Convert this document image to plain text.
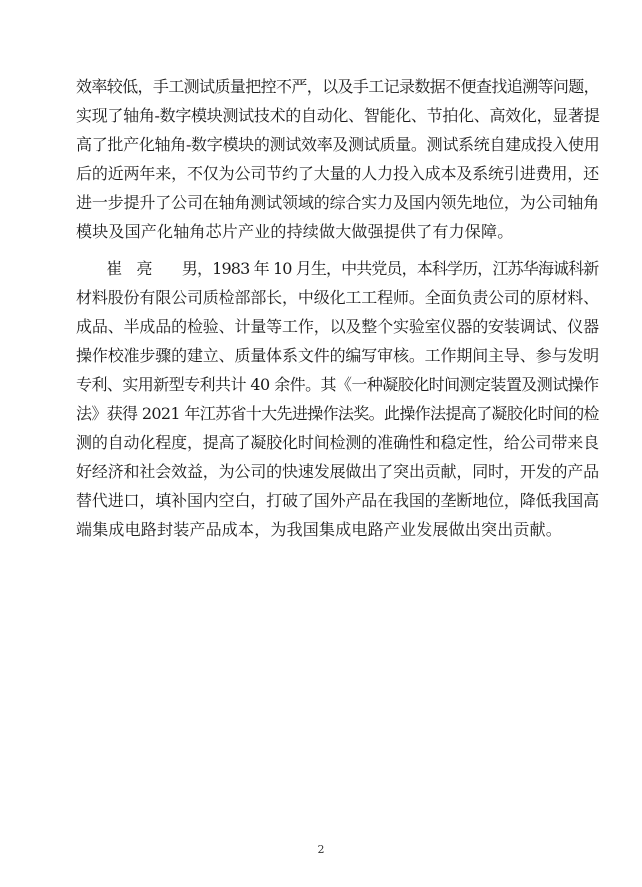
效率较低，手工测试质量把控不严，以及手工记录数据不便查找追溯等问题，
实现了轴角-数字模块测试技术的自动化、智能化、节拍化、高效化，显著提
高了批产化轴角-数字模块的测试效率及测试质量。测试系统自建成投入使用
后的近两年来，不仅为公司节约了大量的人力投入成本及系统引进费用，还
进一步提升了公司在轴角测试领域的综合实力及国内领先地位，为公司轴角
模块及国产化轴角芯片产业的持续做大做强提供了有力保障。

　　崔　亮　　男，1983 年 10 月生，中共党员，本科学历，江苏华海诚科新
材料股份有限公司质检部部长，中级化工工程师。全面负责公司的原材料、
成品、半成品的检验、计量等工作，以及整个实验室仪器的安装调试、仪器
操作校准步骤的建立、质量体系文件的编写审核。工作期间主导、参与发明
专利、实用新型专利共计 40 余件。其《一种凝胶化时间测定装置及测试操作
法》获得 2021 年江苏省十大先进操作法奖。此操作法提高了凝胶化时间的检
测的自动化程度，提高了凝胶化时间检测的准确性和稳定性，给公司带来良
好经济和社会效益，为公司的快速发展做出了突出贡献，同时，开发的产品
替代进口，填补国内空白，打破了国外产品在我国的垄断地位，降低我国高
端集成电路封装产品成本，为我国集成电路产业发展做出突出贡献。

2
